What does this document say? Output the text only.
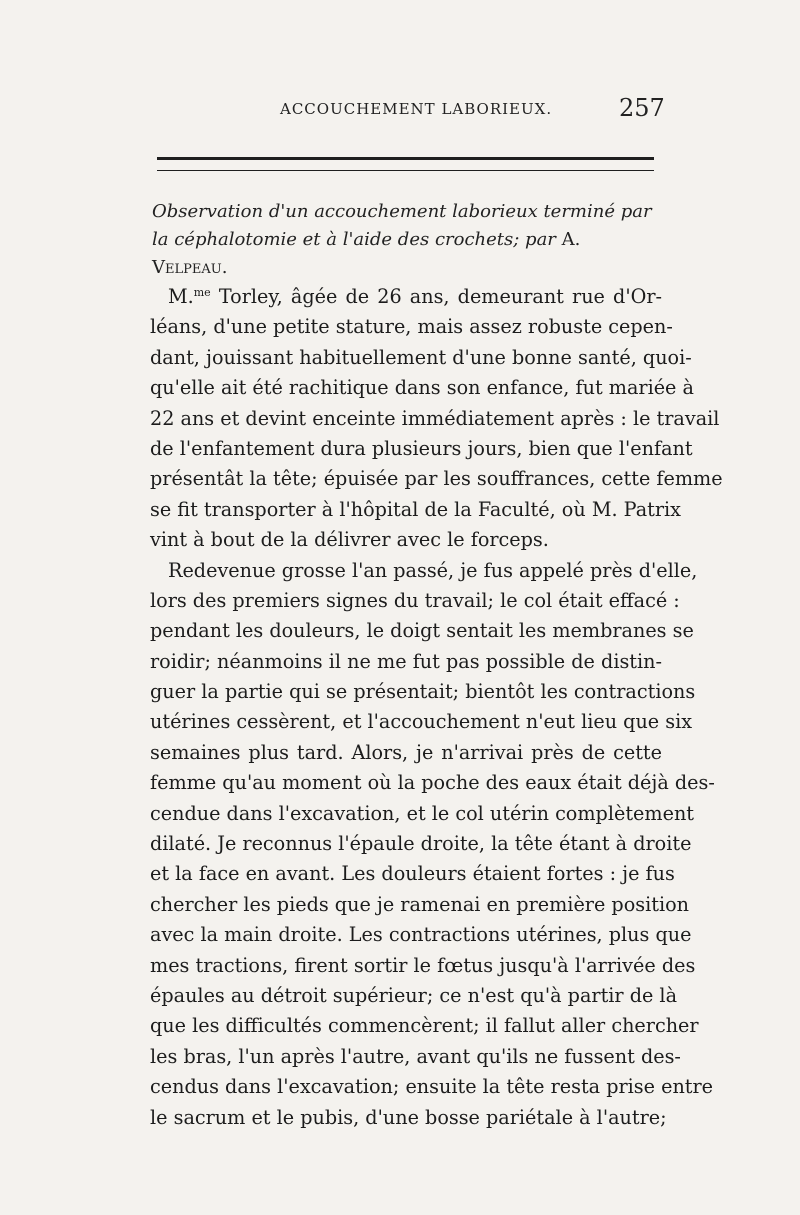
ACCOUCHEMENT LABORIEUX.	257
Observation d'un accouchement laborieux terminé par la céphalotomie et à l'aide des crochets; par A. Velpeau.
M.$^{me}$ Torley, âgée de 26 ans, demeurant rue d'Or-
léans, d'une petite stature, mais assez robuste cepen-
dant, jouissant habituellement d'une bonne santé, quoi-
qu'elle ait été rachitique dans son enfance, fut mariée à
22 ans et devint enceinte immédiatement après : le travail
de l'enfantement dura plusieurs jours, bien que l'enfant
présentât la tête; épuisée par les souffrances, cette femme
se fit transporter à l'hôpital de la Faculté, où M. Patrix
vint à bout de la délivrer avec le forceps.
Redevenue grosse l'an passé, je fus appelé près d'elle,
lors des premiers signes du travail; le col était effacé :
pendant les douleurs, le doigt sentait les membranes se
roidir; néanmoins il ne me fut pas possible de distin-
guer la partie qui se présentait; bientôt les contractions
utérines cessèrent, et l'accouchement n'eut lieu que six
semaines plus tard. Alors, je n'arrivai près de cette
femme qu'au moment où la poche des eaux était déjà des-
cendue dans l'excavation, et le col utérin complètement
dilaté. Je reconnus l'épaule droite, la tête étant à droite
et la face en avant. Les douleurs étaient fortes : je fus
chercher les pieds que je ramenai en première position
avec la main droite. Les contractions utérines, plus que
mes tractions, firent sortir le fœtus jusqu'à l'arrivée des
épaules au détroit supérieur; ce n'est qu'à partir de là
que les difficultés commencèrent; il fallut aller chercher
les bras, l'un après l'autre, avant qu'ils ne fussent des-
cendus dans l'excavation; ensuite la tête resta prise entre
le sacrum et le pubis, d'une bosse pariétale à l'autre;
